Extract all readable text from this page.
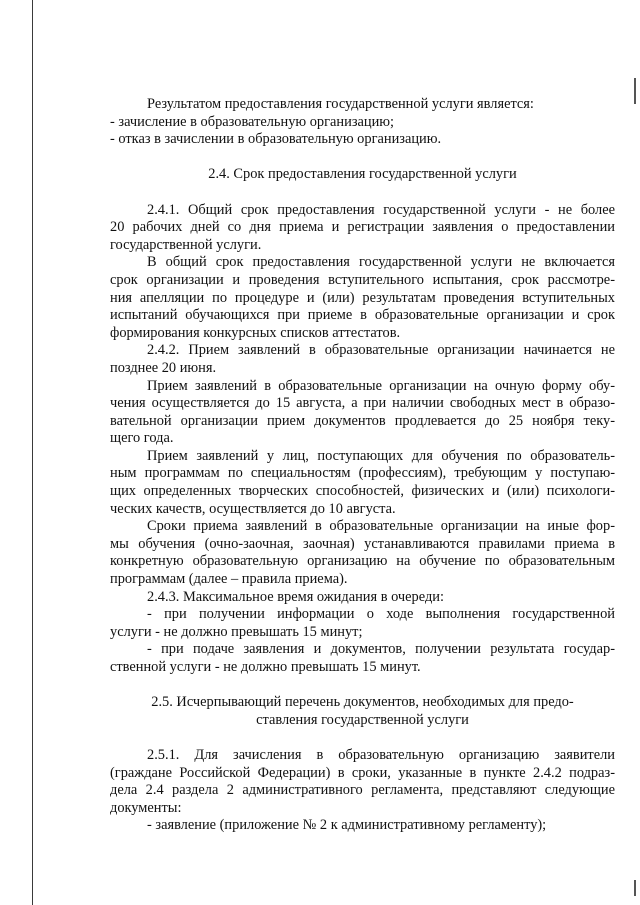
Результатом предоставления государственной услуги является:
- зачисление в образовательную организацию;
- отказ в зачислении в образовательную организацию.
2.4. Срок предоставления государственной услуги
2.4.1. Общий срок предоставления государственной услуги - не более
20 рабочих дней со дня приема и регистрации заявления о предоставлении
государственной услуги.
В общий срок предоставления государственной услуги не включается
срок организации и проведения вступительного испытания, срок рассмотре-
ния апелляции по процедуре и (или) результатам проведения вступительных
испытаний обучающихся при приеме в образовательные организации и срок
формирования конкурсных списков аттестатов.
2.4.2. Прием заявлений в образовательные организации начинается не
позднее 20 июня.
Прием заявлений в образовательные организации на очную форму обу-
чения осуществляется до 15 августа, а при наличии свободных мест в образо-
вательной организации прием документов продлевается до 25 ноября теку-
щего года.
Прием заявлений у лиц, поступающих для обучения по образователь-
ным программам по специальностям (профессиям), требующим у поступаю-
щих определенных творческих способностей, физических и (или) психологи-
ческих качеств, осуществляется до 10 августа.
Сроки приема заявлений в образовательные организации на иные фор-
мы обучения (очно-заочная, заочная) устанавливаются правилами приема в
конкретную образовательную организацию на обучение по образовательным
программам (далее – правила приема).
2.4.3. Максимальное время ожидания в очереди:
- при получении информации о ходе выполнения государственной
услуги - не должно превышать 15 минут;
- при подаче заявления и документов, получении результата государ-
ственной услуги - не должно превышать 15 минут.
2.5. Исчерпывающий перечень документов, необходимых для предо-
ставления государственной услуги
2.5.1. Для зачисления в образовательную организацию заявители
(граждане Российской Федерации) в сроки, указанные в пункте 2.4.2 подраз-
дела 2.4 раздела 2 административного регламента, представляют следующие
документы:
- заявление (приложение № 2 к административному регламенту);
